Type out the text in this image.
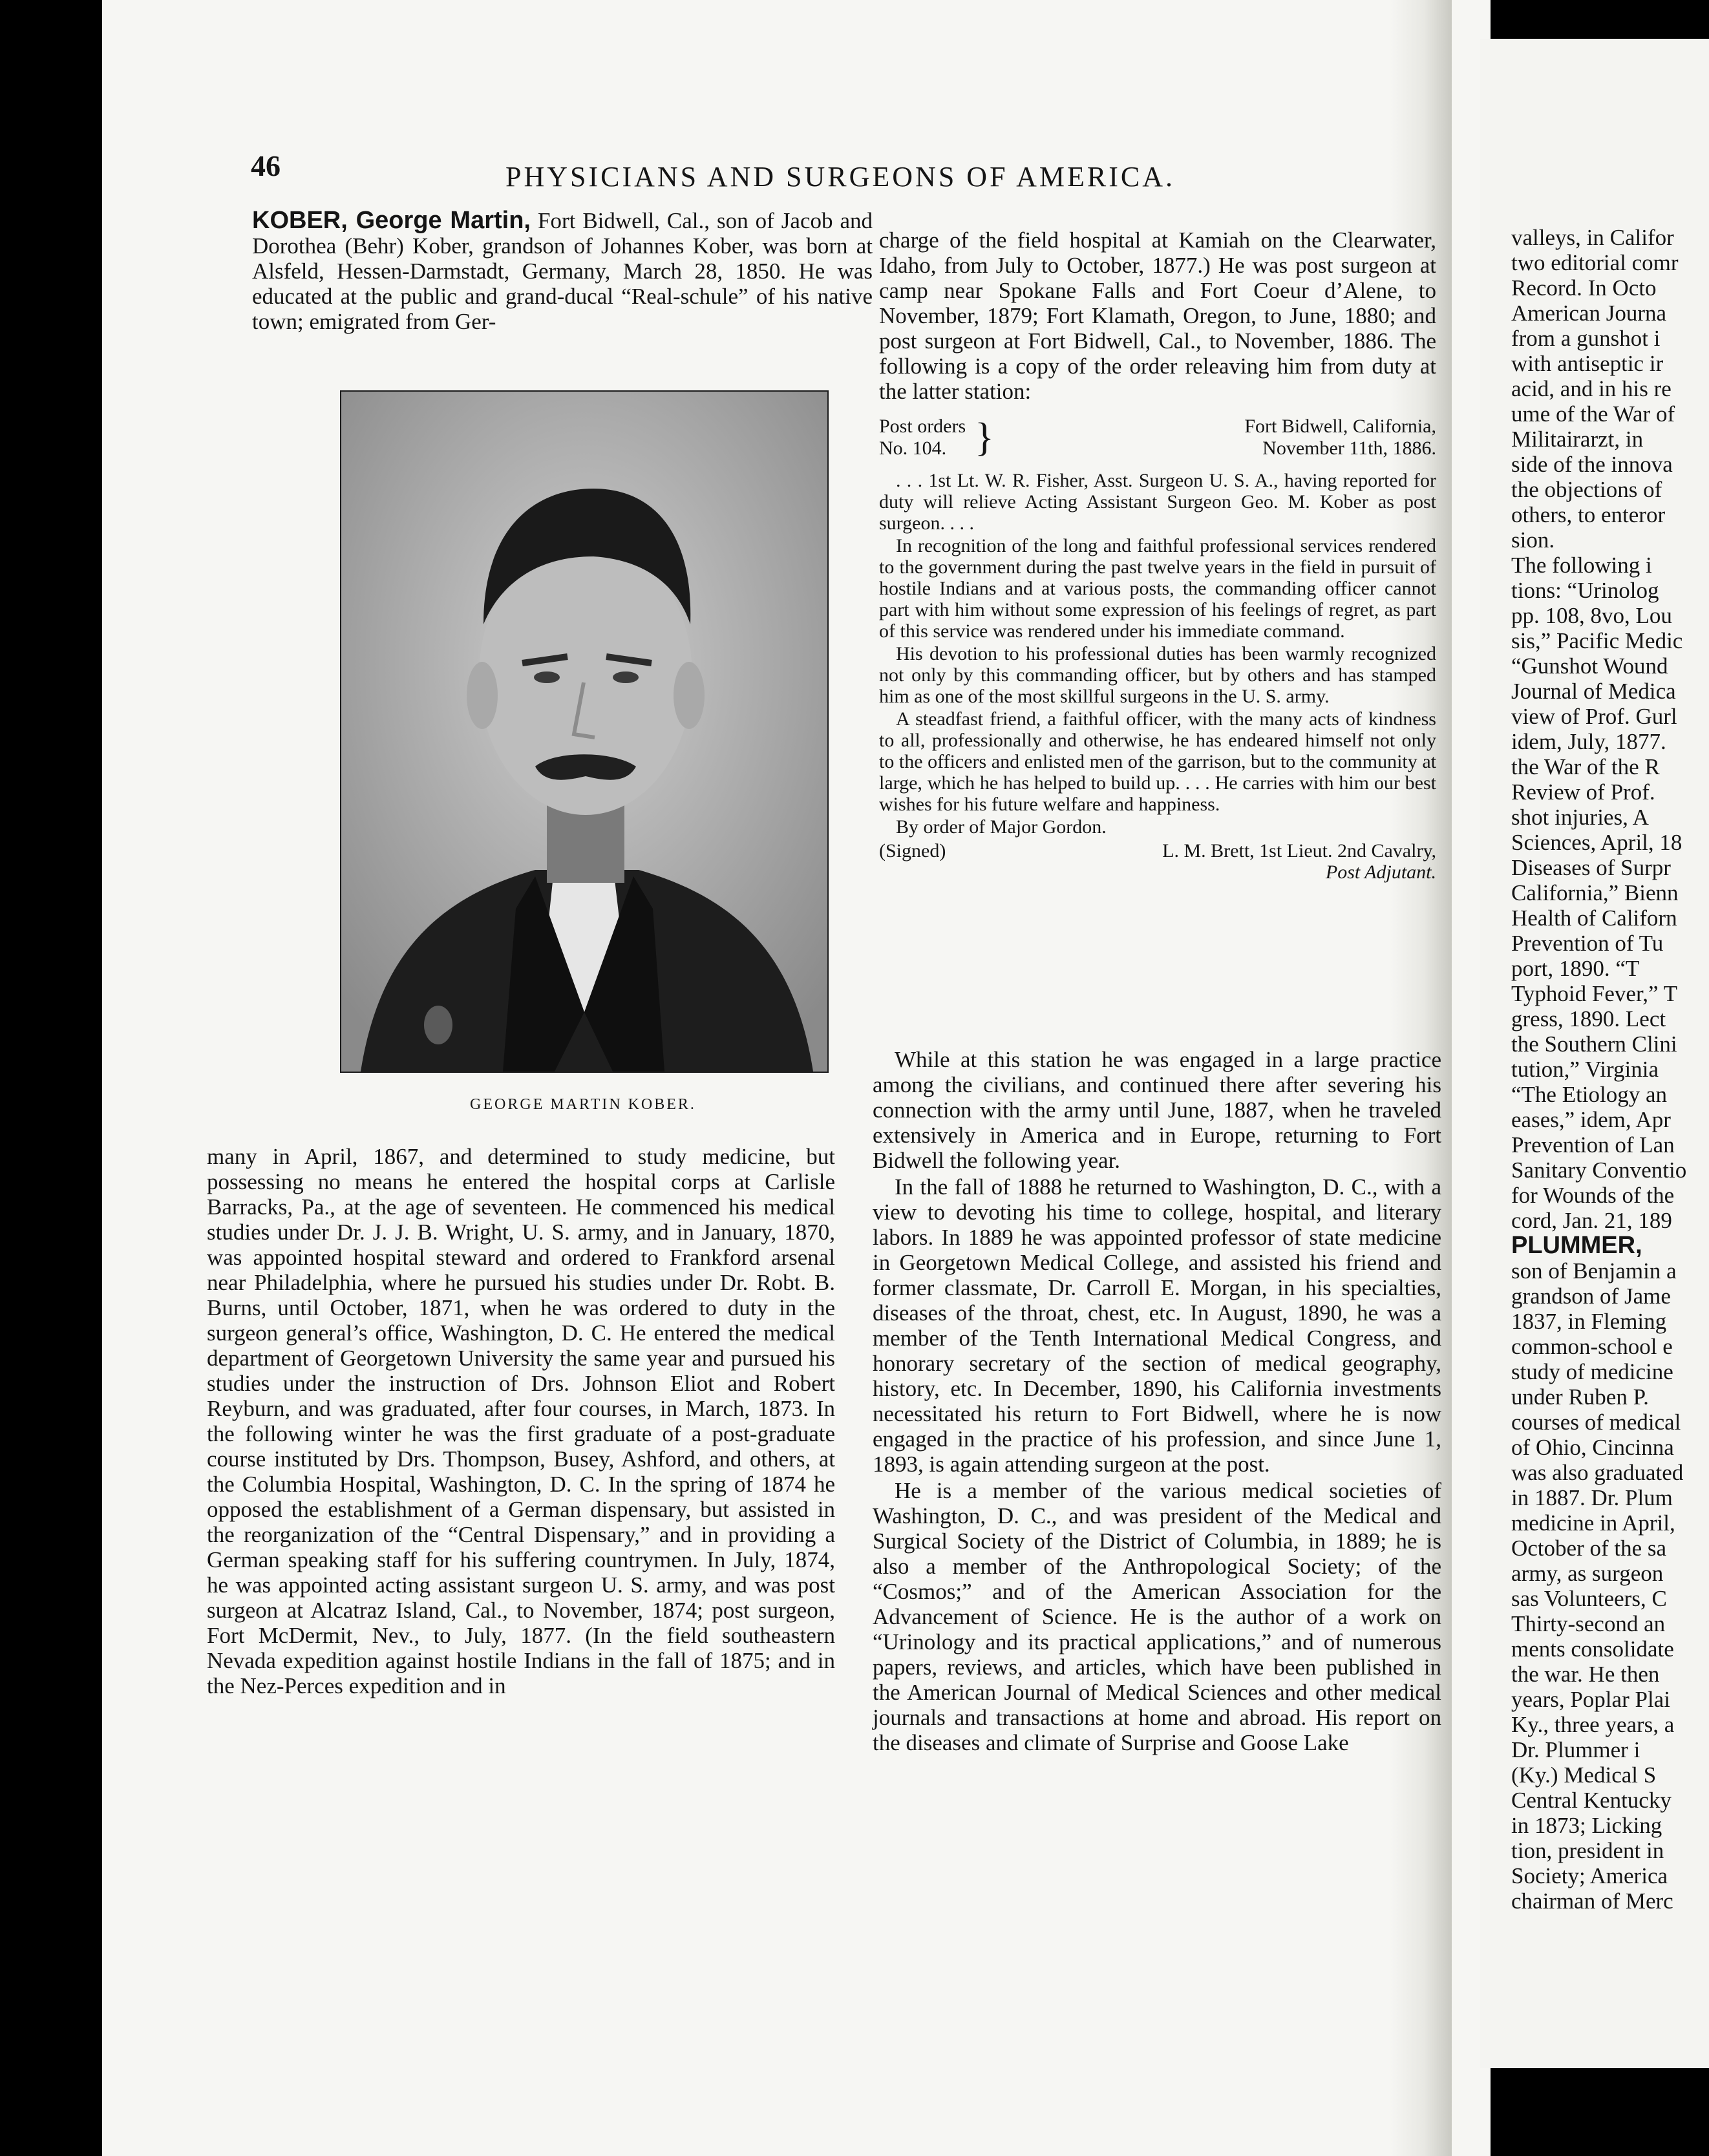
46	PHYSICIANS AND SURGEONS OF AMERICA.

KOBER, George Martin, Fort Bidwell, Cal., son of Jacob and Dorothea (Behr) Kober, grandson of Johannes Kober, was born at Alsfeld, Hessen-Darmstadt, Germany, March 28, 1850. He was educated at the public and grand-ducal “Real-schule” of his native town; emigrated from Ger-

GEORGE MARTIN KOBER.

many in April, 1867, and determined to study medicine, but possessing no means he entered the hospital corps at Carlisle Barracks, Pa., at the age of seventeen. He commenced his medical studies under Dr. J. J. B. Wright, U. S. army, and in January, 1870, was appointed hospital steward and ordered to Frankford arsenal near Philadelphia, where he pursued his studies under Dr. Robt. B. Burns, until October, 1871, when he was ordered to duty in the surgeon general’s office, Washington, D. C. He entered the medical department of Georgetown University the same year and pursued his studies under the instruction of Drs. Johnson Eliot and Robert Reyburn, and was graduated, after four courses, in March, 1873. In the following winter he was the first graduate of a post-graduate course instituted by Drs. Thompson, Busey, Ashford, and others, at the Columbia Hospital, Washington, D. C. In the spring of 1874 he opposed the establishment of a German dispensary, but assisted in the reorganization of the “Central Dispensary,” and in providing a German speaking staff for his suffering countrymen. In July, 1874, he was appointed acting assistant surgeon U. S. army, and was post surgeon at Alcatraz Island, Cal., to November, 1874; post surgeon, Fort McDermit, Nev., to July, 1877. (In the field southeastern Nevada expedition against hostile Indians in the fall of 1875; and in the Nez-Perces expedition and in

charge of the field hospital at Kamiah on the Clearwater, Idaho, from July to October, 1877.) He was post surgeon at camp near Spokane Falls and Fort Coeur d’Alene, to November, 1879; Fort Klamath, Oregon, to June, 1880; and post surgeon at Fort Bidwell, Cal., to November, 1886. The following is a copy of the order releaving him from duty at the latter station:

Post orders
No. 104. }	Fort Bidwell, California,
November 11th, 1886.

. . . 1st Lt. W. R. Fisher, Asst. Surgeon U. S. A., having reported for duty will relieve Acting Assistant Surgeon Geo. M. Kober as post surgeon. . . .

In recognition of the long and faithful professional services rendered to the government during the past twelve years in the field in pursuit of hostile Indians and at various posts, the commanding officer cannot part with him without some expression of his feelings of regret, as part of this service was rendered under his immediate command.

His devotion to his professional duties has been warmly recognized not only by this commanding officer, but by others and has stamped him as one of the most skillful surgeons in the U. S. army.

A steadfast friend, a faithful officer, with the many acts of kindness to all, professionally and otherwise, he has endeared himself not only to the officers and enlisted men of the garrison, but to the community at large, which he has helped to build up. . . . He carries with him our best wishes for his future welfare and happiness.

By order of Major Gordon.

(Signed)	L. M. Brett, 1st Lieut. 2nd Cavalry,
Post Adjutant.

While at this station he was engaged in a large practice among the civilians, and continued there after severing his connection with the army until June, 1887, when he traveled extensively in America and in Europe, returning to Fort Bidwell the following year.

In the fall of 1888 he returned to Washington, D. C., with a view to devoting his time to college, hospital, and literary labors. In 1889 he was appointed professor of state medicine in Georgetown Medical College, and assisted his friend and former classmate, Dr. Carroll E. Morgan, in his specialties, diseases of the throat, chest, etc. In August, 1890, he was a member of the Tenth International Medical Congress, and honorary secretary of the section of medical geography, history, etc. In December, 1890, his California investments necessitated his return to Fort Bidwell, where he is now engaged in the practice of his profession, and since June 1, 1893, is again attending surgeon at the post.

He is a member of the various medical societies of Washington, D. C., and was president of the Medical and Surgical Society of the District of Columbia, in 1889; he is also a member of the Anthropological Society; of the “Cosmos;” and of the American Association for the Advancement of Science. He is the author of a work on “Urinology and its practical applications,” and of numerous papers, reviews, and articles, which have been published in the American Journal of Medical Sciences and other medical journals and transactions at home and abroad. His report on the diseases and climate of Surprise and Goose Lake

valleys, in Califor
two editorial comr
Record. In Octo
American Journa
from a gunshot i
with antiseptic ir
acid, and in his re
ume of the War of
Militairarzt, in
side of the innova
the objections of
others, to enteror
sion.
The following i
tions: “Urinolog
pp. 108, 8vo, Lou
sis,” Pacific Medic
“Gunshot Wound
Journal of Medica
view of Prof. Gurl
idem, July, 1877.
the War of the R
Review of Prof.
shot injuries, A
Sciences, April, 18
Diseases of Surpr
California,” Bienn
Health of Californ
Prevention of Tu
port, 1890. “T
Typhoid Fever,” T
gress, 1890. Lect
the Southern Clini
tution,” Virginia
“The Etiology an
eases,” idem, Apr
Prevention of Lan
Sanitary Conventio
for Wounds of the
cord, Jan. 21, 189
PLUMMER,
son of Benjamin a
grandson of Jame
1837, in Fleming
common-school e
study of medicine
under Ruben P.
courses of medical
of Ohio, Cincinna
was also graduated
in 1887. Dr. Plum
medicine in April,
October of the sa
army, as surgeon
sas Volunteers, C
Thirty-second an
ments consolidate
the war. He then
years, Poplar Plai
Ky., three years, a
Dr. Plummer i
(Ky.) Medical S
Central Kentucky
in 1873; Licking
tion, president in
Society; America
chairman of Merc
